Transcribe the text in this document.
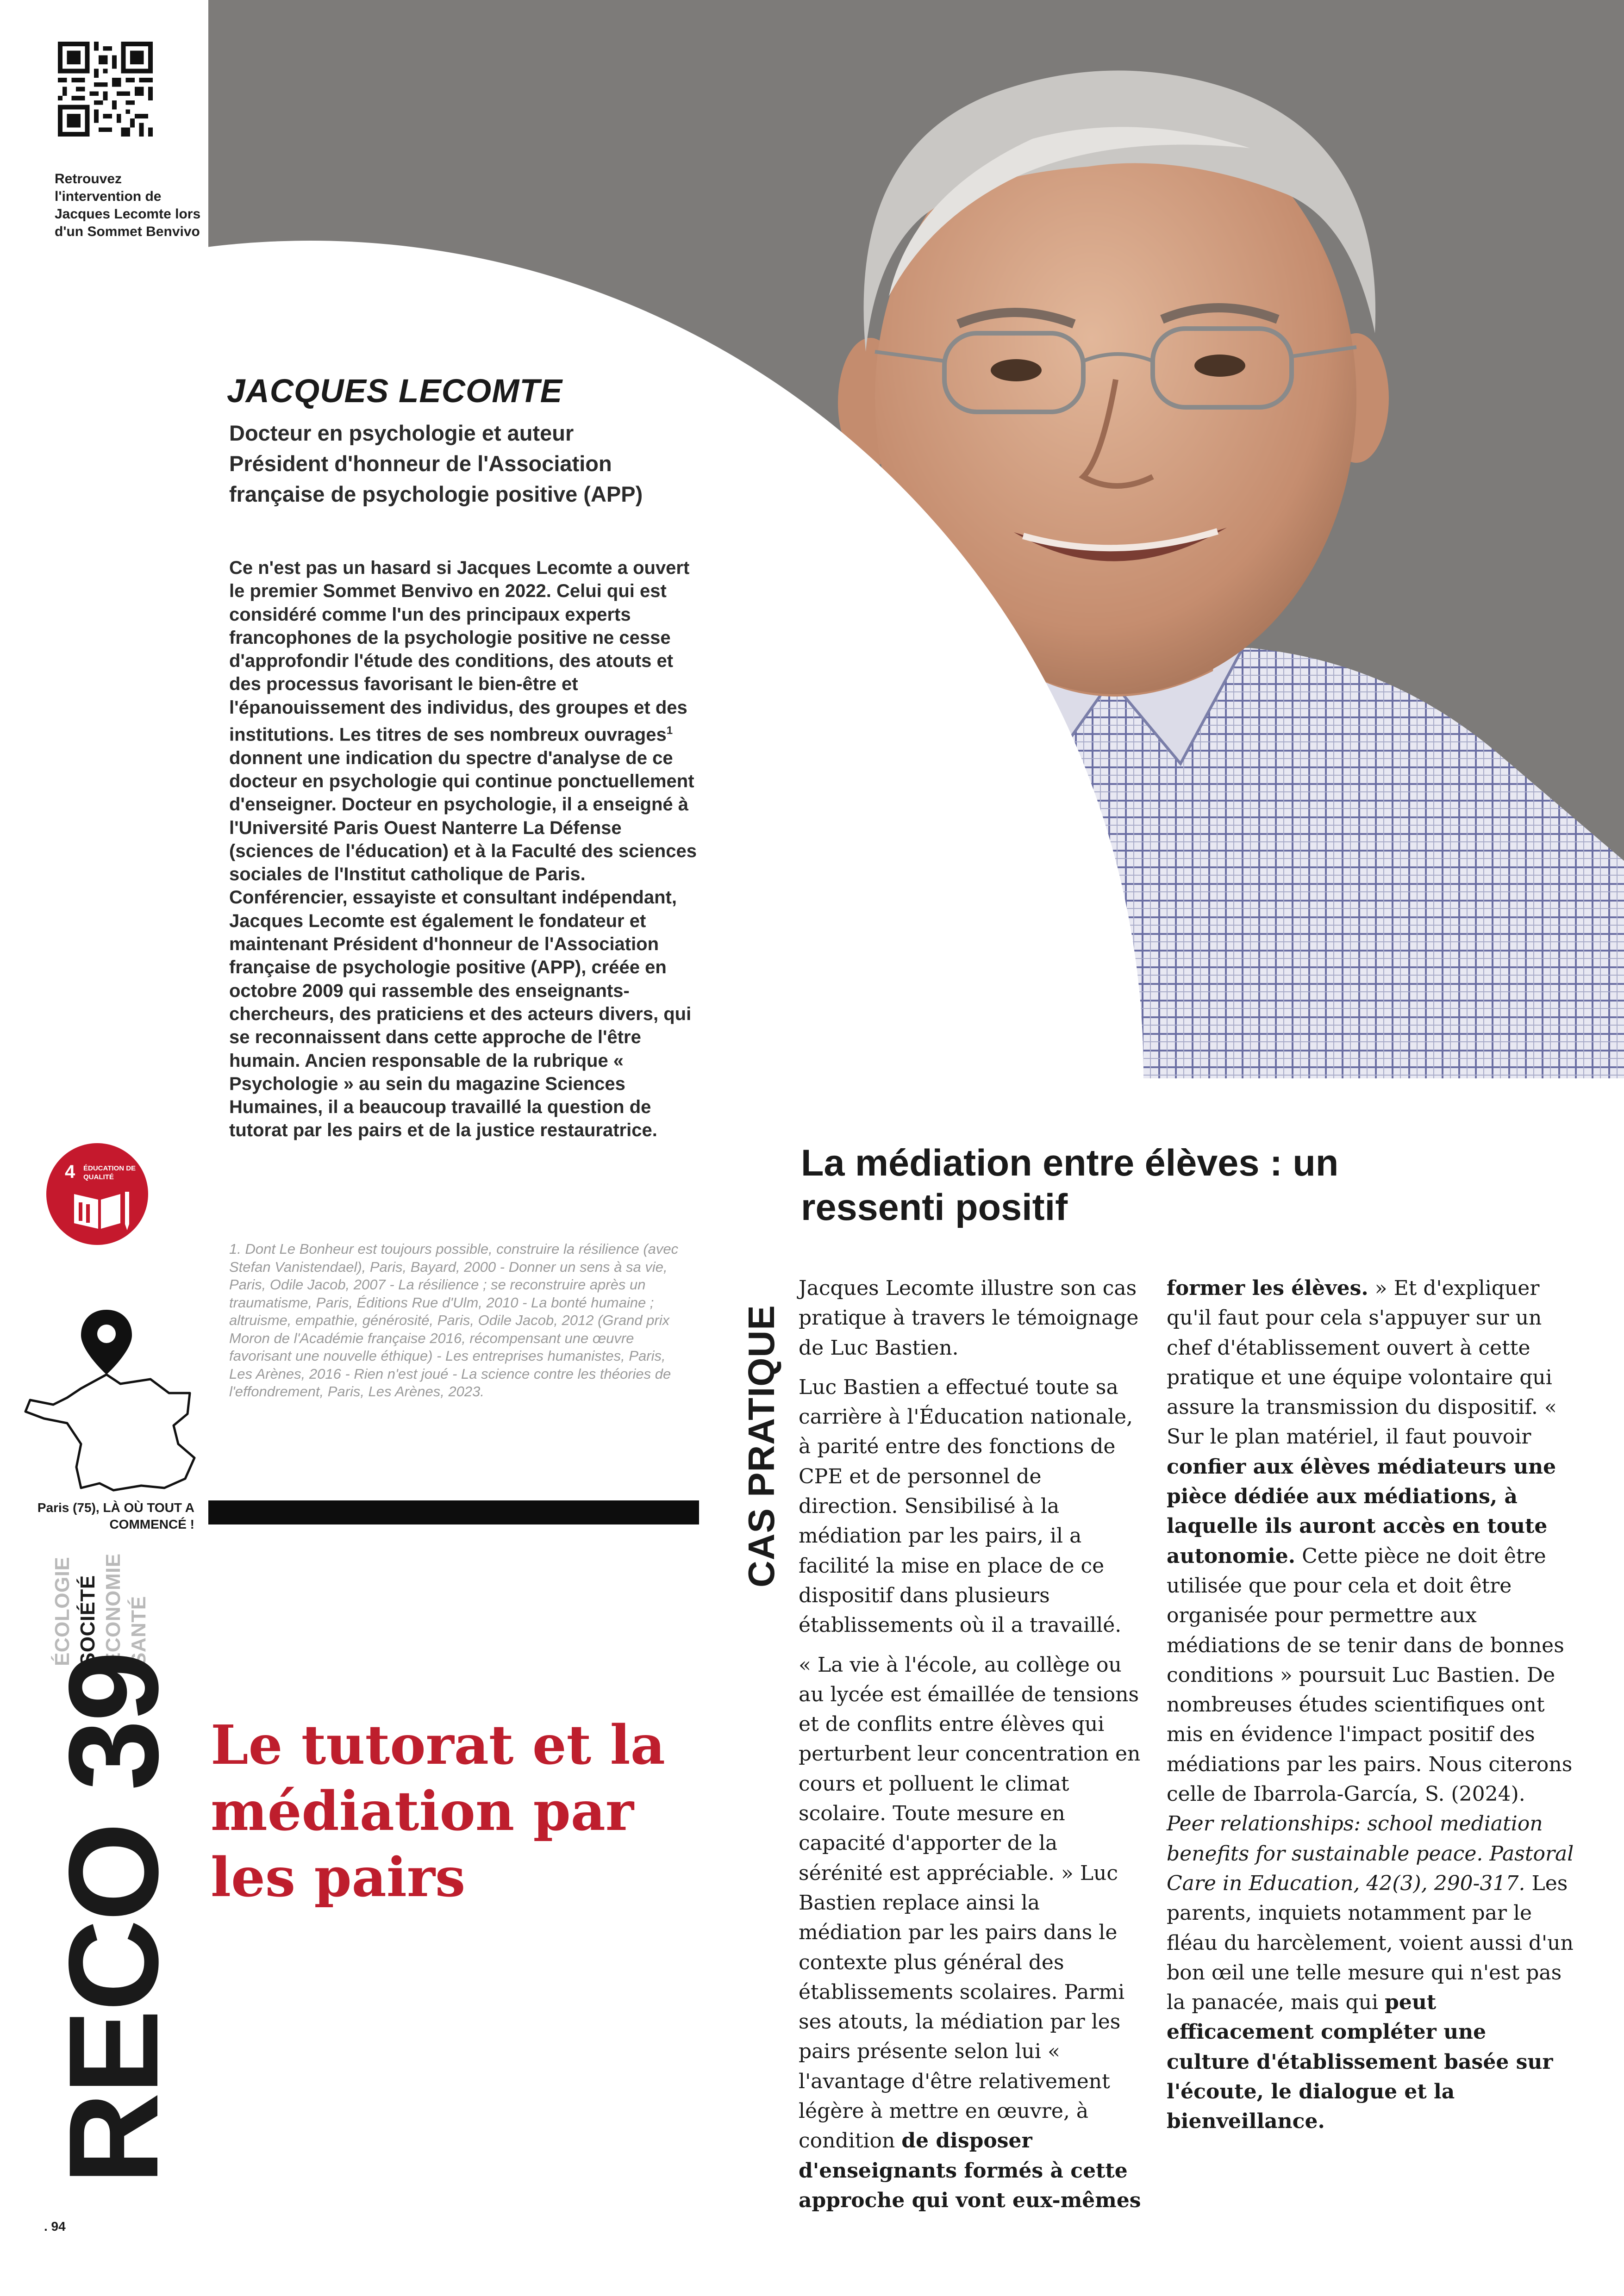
Retrouvez l'intervention de Jacques Lecomte lors d'un Sommet Benvivo
4 ÉDUCATION DE QUALITÉ
Paris (75), LÀ OÙ TOUT A COMMENCÉ !
ÉCOLOGIE SOCIÉTÉ ÉCONOMIE SANTÉ
RECO 39
. 94
JACQUES LECOMTE
Docteur en psychologie et auteur
Président d'honneur de l'Association française de psychologie positive (APP)
Ce n'est pas un hasard si Jacques Lecomte a ouvert le premier Sommet Benvivo en 2022. Celui qui est considéré comme l'un des principaux experts francophones de la psychologie positive ne cesse d'approfondir l'étude des conditions, des atouts et des processus favorisant le bien-être et l'épanouissement des individus, des groupes et des institutions. Les titres de ses nombreux ouvrages$^1$ donnent une indication du spectre d'analyse de ce docteur en psychologie qui continue ponctuellement d'enseigner. Docteur en psychologie, il a enseigné à l'Université Paris Ouest Nanterre La Défense (sciences de l'éducation) et à la Faculté des sciences sociales de l'Institut catholique de Paris. Conférencier, essayiste et consultant indépendant, Jacques Lecomte est également le fondateur et maintenant Président d'honneur de l'Association française de psychologie positive (APP), créée en octobre 2009 qui rassemble des enseignants-chercheurs, des praticiens et des acteurs divers, qui se reconnaissent dans cette approche de l'être humain. Ancien responsable de la rubrique « Psychologie » au sein du magazine Sciences Humaines, il a beaucoup travaillé la question de tutorat par les pairs et de la justice restauratrice.
1. Dont Le Bonheur est toujours possible, construire la résilience (avec Stefan Vanistendael), Paris, Bayard, 2000 - Donner un sens à sa vie, Paris, Odile Jacob, 2007 - La résilience ; se reconstruire après un traumatisme, Paris, Éditions Rue d'Ulm, 2010 - La bonté humaine ; altruisme, empathie, générosité, Paris, Odile Jacob, 2012 (Grand prix Moron de l'Académie française 2016, récompensant une œuvre favorisant une nouvelle éthique) - Les entreprises humanistes, Paris, Les Arènes, 2016 - Rien n'est joué - La science contre les théories de l'effondrement, Paris, Les Arènes, 2023.
Le tutorat et la médiation par les pairs
La médiation entre élèves : un ressenti positif
CAS PRATIQUE

Jacques Lecomte illustre son cas pratique à travers le témoignage de Luc Bastien.

Luc Bastien a effectué toute sa carrière à l'Éducation nationale, à parité entre des fonctions de CPE et de personnel de direction. Sensibilisé à la médiation par les pairs, il a facilité la mise en place de ce dispositif dans plusieurs établissements où il a travaillé.

« La vie à l'école, au collège ou au lycée est émaillée de tensions et de conflits entre élèves qui perturbent leur concentration en cours et polluent le climat scolaire. Toute mesure en capacité d'apporter de la sérénité est appréciable. » Luc Bastien replace ainsi la médiation par les pairs dans le contexte plus général des établissements scolaires. Parmi ses atouts, la médiation par les pairs présente selon lui « l'avantage d'être relativement légère à mettre en œuvre, à condition de disposer d'enseignants formés à cette approche qui vont eux-mêmes

former les élèves. » Et d'expliquer qu'il faut pour cela s'appuyer sur un chef d'établissement ouvert à cette pratique et une équipe volontaire qui assure la transmission du dispositif. « Sur le plan matériel, il faut pouvoir confier aux élèves médiateurs une pièce dédiée aux médiations, à laquelle ils auront accès en toute autonomie. Cette pièce ne doit être utilisée que pour cela et doit être organisée pour permettre aux médiations de se tenir dans de bonnes conditions » poursuit Luc Bastien. De nombreuses études scientifiques ont mis en évidence l'impact positif des médiations par les pairs. Nous citerons celle de Ibarrola-García, S. (2024). Peer relationships: school mediation benefits for sustainable peace. Pastoral Care in Education, 42(3), 290-317. Les parents, inquiets notamment par le fléau du harcèlement, voient aussi d'un bon œil une telle mesure qui n'est pas la panacée, mais qui peut efficacement compléter une culture d'établissement basée sur l'écoute, le dialogue et la bienveillance.
